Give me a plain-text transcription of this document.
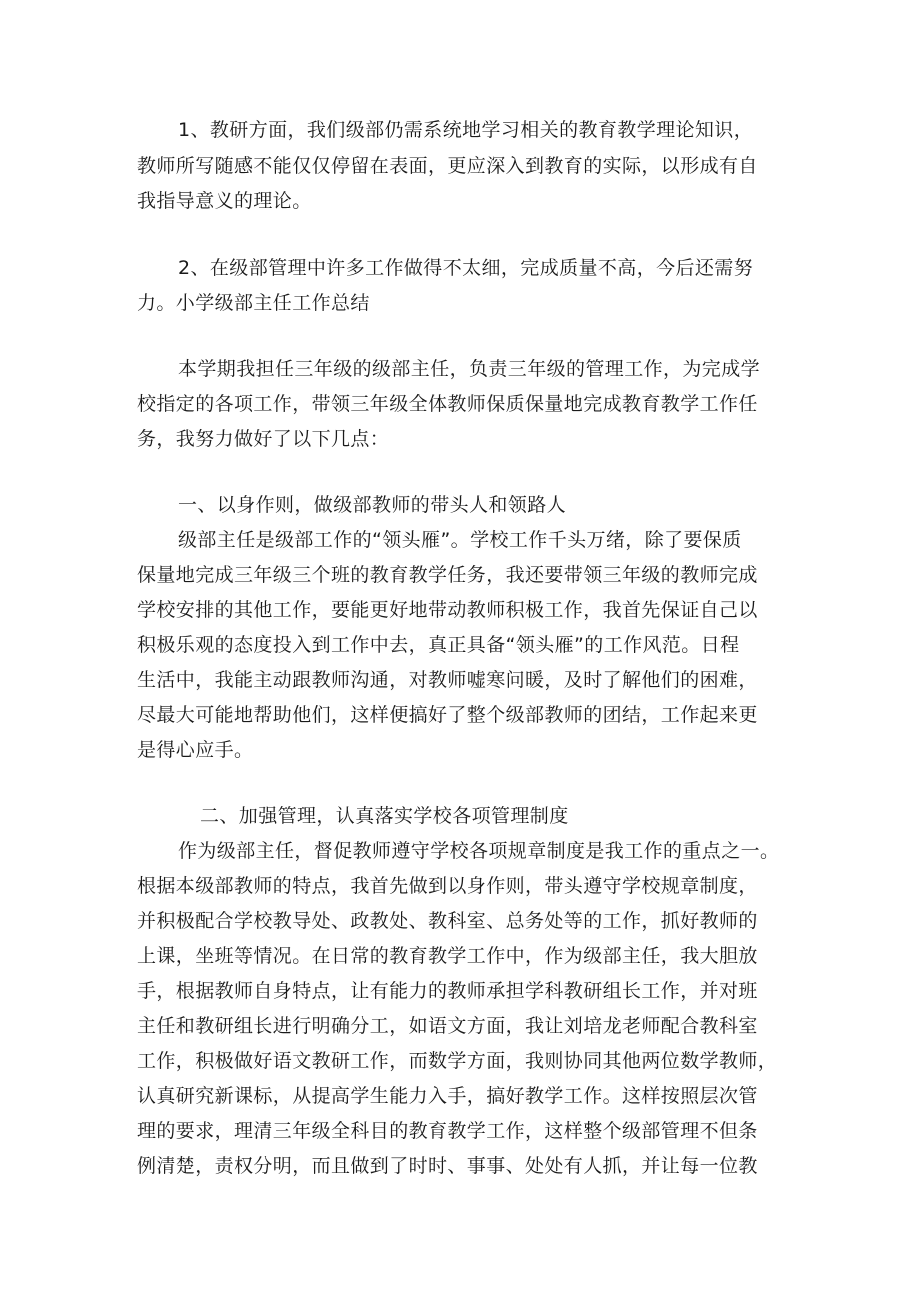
1、教研方面，我们级部仍需系统地学习相关的教育教学理论知识，

教师所写随感不能仅仅停留在表面，更应深入到教育的实际，以形成有自

我指导意义的理论。

2、在级部管理中许多工作做得不太细，完成质量不高，今后还需努

力。小学级部主任工作总结

本学期我担任三年级的级部主任，负责三年级的管理工作，为完成学

校指定的各项工作，带领三年级全体教师保质保量地完成教育教学工作任

务，我努力做好了以下几点：

一、以身作则，做级部教师的带头人和领路人

级部主任是级部工作的“领头雁”。学校工作千头万绪，除了要保质

保量地完成三年级三个班的教育教学任务，我还要带领三年级的教师完成

学校安排的其他工作，要能更好地带动教师积极工作，我首先保证自己以

积极乐观的态度投入到工作中去，真正具备“领头雁”的工作风范。日程

生活中，我能主动跟教师沟通，对教师嘘寒问暖，及时了解他们的困难，

尽最大可能地帮助他们，这样便搞好了整个级部教师的团结，工作起来更

是得心应手。

二、加强管理，认真落实学校各项管理制度

作为级部主任，督促教师遵守学校各项规章制度是我工作的重点之一。

根据本级部教师的特点，我首先做到以身作则，带头遵守学校规章制度，

并积极配合学校教导处、政教处、教科室、总务处等的工作，抓好教师的

上课，坐班等情况。在日常的教育教学工作中，作为级部主任，我大胆放

手，根据教师自身特点，让有能力的教师承担学科教研组长工作，并对班

主任和教研组长进行明确分工，如语文方面，我让刘培龙老师配合教科室

工作，积极做好语文教研工作，而数学方面，我则协同其他两位数学教师，

认真研究新课标，从提高学生能力入手，搞好教学工作。这样按照层次管

理的要求，理清三年级全科目的教育教学工作，这样整个级部管理不但条

例清楚，责权分明，而且做到了时时、事事、处处有人抓，并让每一位教
